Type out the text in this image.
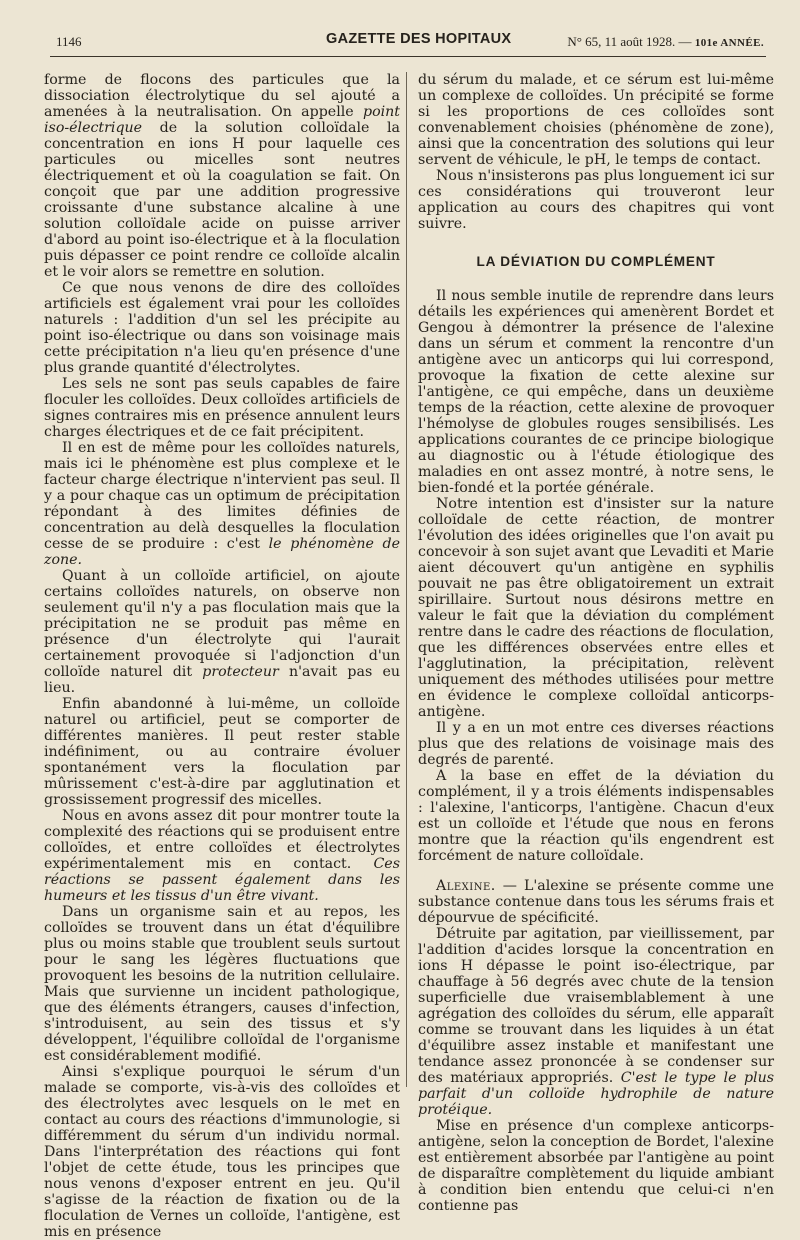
1146	GAZETTE DES HOPITAUX	N° 65, 11 août 1928. — 101e ANNÉE.

forme de flocons des particules que la dissociation électrolytique du sel ajouté a amenées à la neutralisation. On appelle point iso-électrique de la solution colloïdale la concentration en ions H pour laquelle ces particules ou micelles sont neutres électriquement et où la coagulation se fait. On conçoit que par une addition progressive croissante d'une substance alcaline à une solution colloïdale acide on puisse arriver d'abord au point iso-électrique et à la floculation puis dépasser ce point rendre ce colloïde alcalin et le voir alors se remettre en solution.

Ce que nous venons de dire des colloïdes artificiels est également vrai pour les colloïdes naturels : l'addition d'un sel les précipite au point iso-électrique ou dans son voisinage mais cette précipitation n'a lieu qu'en présence d'une plus grande quantité d'électrolytes.

Les sels ne sont pas seuls capables de faire floculer les colloïdes. Deux colloïdes artificiels de signes contraires mis en présence annulent leurs charges électriques et de ce fait précipitent.

Il en est de même pour les colloïdes naturels, mais ici le phénomène est plus complexe et le facteur charge électrique n'intervient pas seul. Il y a pour chaque cas un optimum de précipitation répondant à des limites définies de concentration au delà desquelles la floculation cesse de se produire : c'est le phénomène de zone.

Quant à un colloïde artificiel, on ajoute certains colloïdes naturels, on observe non seulement qu'il n'y a pas floculation mais que la précipitation ne se produit pas même en présence d'un électrolyte qui l'aurait certainement provoquée si l'adjonction d'un colloïde naturel dit protecteur n'avait pas eu lieu.

Enfin abandonné à lui-même, un colloïde naturel ou artificiel, peut se comporter de différentes manières. Il peut rester stable indéfiniment, ou au contraire évoluer spontanément vers la floculation par mûrissement c'est-à-dire par agglutination et grossissement progressif des micelles.

Nous en avons assez dit pour montrer toute la complexité des réactions qui se produisent entre colloïdes, et entre colloïdes et électrolytes expérimentalement mis en contact. Ces réactions se passent également dans les humeurs et les tissus d'un être vivant.

Dans un organisme sain et au repos, les colloïdes se trouvent dans un état d'équilibre plus ou moins stable que troublent seuls surtout pour le sang les légères fluctuations que provoquent les besoins de la nutrition cellulaire. Mais que survienne un incident pathologique, que des éléments étrangers, causes d'infection, s'introduisent, au sein des tissus et s'y développent, l'équilibre colloïdal de l'organisme est considérablement modifié.

Ainsi s'explique pourquoi le sérum d'un malade se comporte, vis-à-vis des colloïdes et des électrolytes avec lesquels on le met en contact au cours des réactions d'immunologie, si différemment du sérum d'un individu normal. Dans l'interprétation des réactions qui font l'objet de cette étude, tous les principes que nous venons d'exposer entrent en jeu. Qu'il s'agisse de la réaction de fixation ou de la floculation de Vernes un colloïde, l'antigène, est mis en présence

du sérum du malade, et ce sérum est lui-même un complexe de colloïdes. Un précipité se forme si les proportions de ces colloïdes sont convenablement choisies (phénomène de zone), ainsi que la concentration des solutions qui leur servent de véhicule, le pH, le temps de contact.

Nous n'insisterons pas plus longuement ici sur ces considérations qui trouveront leur application au cours des chapitres qui vont suivre.

LA DÉVIATION DU COMPLÉMENT

Il nous semble inutile de reprendre dans leurs détails les expériences qui amenèrent Bordet et Gengou à démontrer la présence de l'alexine dans un sérum et comment la rencontre d'un antigène avec un anticorps qui lui correspond, provoque la fixation de cette alexine sur l'antigène, ce qui empêche, dans un deuxième temps de la réaction, cette alexine de provoquer l'hémolyse de globules rouges sensibilisés. Les applications courantes de ce principe biologique au diagnostic ou à l'étude étiologique des maladies en ont assez montré, à notre sens, le bien-fondé et la portée générale.

Notre intention est d'insister sur la nature colloïdale de cette réaction, de montrer l'évolution des idées originelles que l'on avait pu concevoir à son sujet avant que Levaditi et Marie aient découvert qu'un antigène en syphilis pouvait ne pas être obligatoirement un extrait spirillaire. Surtout nous désirons mettre en valeur le fait que la déviation du complément rentre dans le cadre des réactions de floculation, que les différences observées entre elles et l'agglutination, la précipitation, relèvent uniquement des méthodes utilisées pour mettre en évidence le complexe colloïdal anticorps-antigène.

Il y a en un mot entre ces diverses réactions plus que des relations de voisinage mais des degrés de parenté.

A la base en effet de la déviation du complément, il y a trois éléments indispensables : l'alexine, l'anticorps, l'antigène. Chacun d'eux est un colloïde et l'étude que nous en ferons montre que la réaction qu'ils engendrent est forcément de nature colloïdale.

Alexine. — L'alexine se présente comme une substance contenue dans tous les sérums frais et dépourvue de spécificité.

Détruite par agitation, par vieillissement, par l'addition d'acides lorsque la concentration en ions H dépasse le point iso-électrique, par chauffage à 56 degrés avec chute de la tension superficielle due vraisemblablement à une agrégation des colloïdes du sérum, elle apparaît comme se trouvant dans les liquides à un état d'équilibre assez instable et manifestant une tendance assez prononcée à se condenser sur des matériaux appropriés. C'est le type le plus parfait d'un colloïde hydrophile de nature protéique.

Mise en présence d'un complexe anticorps-antigène, selon la conception de Bordet, l'alexine est entièrement absorbée par l'antigène au point de disparaître complètement du liquide ambiant à condition bien entendu que celui-ci n'en contienne pas
